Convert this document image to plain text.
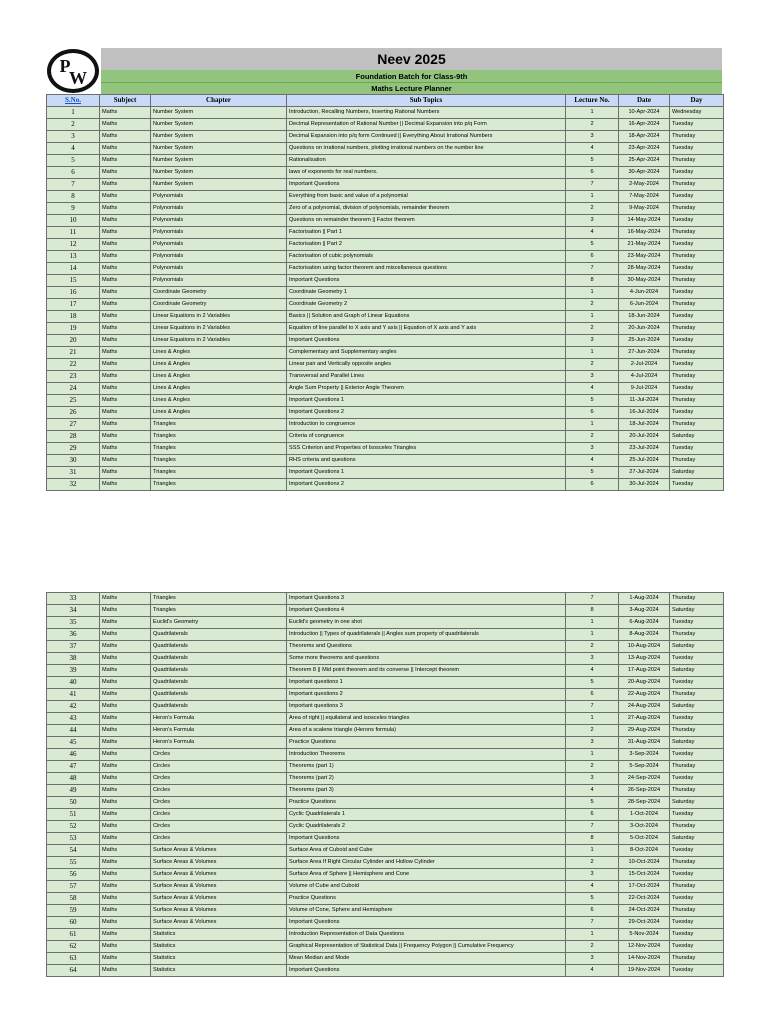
P
W
Neev 2025
Foundation Batch for Class-9th
Maths Lecture Planner
S.No.	Subject	Chapter	Sub Topics	Lecture No.	Date	Day
1	Maths	Number System	Introduction, Recalling Numbers, Inserting Rational Numbers	1	10-Apr-2024	Wednesday
2	Maths	Number System	Decimal Representation of Rational Number || Decimal Expansion into p/q Form	2	16-Apr-2024	Tuesday
3	Maths	Number System	Decimal Expansion into p/q form Continued || Everything About Irrational Numbers	3	18-Apr-2024	Thursday
4	Maths	Number System	Questions on irrational numbers, plotting irrational numbers on the number line	4	23-Apr-2024	Tuesday
5	Maths	Number System	Rationalisation	5	25-Apr-2024	Thursday
6	Maths	Number System	laws of exponents for real numbers.	6	30-Apr-2024	Tuesday
7	Maths	Number System	Important Questions	7	2-May-2024	Thursday
8	Maths	Polynomials	Everything from basic and value of a polynomial	1	7-May-2024	Tuesday
9	Maths	Polynomials	Zero of a polynomial, division of polynomials, remainder theorem	2	9-May-2024	Thursday
10	Maths	Polynomials	Questions on remainder theorem || Factor theorem	3	14-May-2024	Tuesday
11	Maths	Polynomials	Factorisation || Part 1	4	16-May-2024	Thursday
12	Maths	Polynomials	Factorisation || Part 2	5	21-May-2024	Tuesday
13	Maths	Polynomials	Factorisation of cubic polynomials	6	23-May-2024	Thursday
14	Maths	Polynomials	Factorisation using factor theorem and miscellaneous questions	7	28-May-2024	Tuesday
15	Maths	Polynomials	Important Questions	8	30-May-2024	Thursday
16	Maths	Coordinate Geometry	Coordinate Geometry 1	1	4-Jun-2024	Tuesday
17	Maths	Coordinate Geometry	Coordinate Geometry 2	2	6-Jun-2024	Thursday
18	Maths	Linear Equations in 2 Variables	Basics || Solution and Graph of Linear Equations	1	18-Jun-2024	Tuesday
19	Maths	Linear Equations in 2 Variables	Equation of line parallel to X axis and Y axis || Equation of X axis and Y axis	2	20-Jun-2024	Thursday
20	Maths	Linear Equations in 2 Variables	Important Questions	3	25-Jun-2024	Tuesday
21	Maths	Lines & Angles	Complementary and Supplementary angles	1	27-Jun-2024	Thursday
22	Maths	Lines & Angles	Linear pair and Vertically opposite angles	2	2-Jul-2024	Tuesday
23	Maths	Lines & Angles	Transversal and Parallel Lines	3	4-Jul-2024	Thursday
24	Maths	Lines & Angles	Angle Sum Property || Exterior Angle Theorem	4	9-Jul-2024	Tuesday
25	Maths	Lines & Angles	Important Questions 1	5	11-Jul-2024	Thursday
26	Maths	Lines & Angles	Important Questions 2	6	16-Jul-2024	Tuesday
27	Maths	Triangles	Introduction to congruence	1	18-Jul-2024	Thursday
28	Maths	Triangles	Criteria of congruence	2	20-Jul-2024	Saturday
29	Maths	Triangles	SSS Criterion and Properties of Isosceles Triangles	3	23-Jul-2024	Tuesday
30	Maths	Triangles	RHS criteria and questions	4	25-Jul-2024	Thursday
31	Maths	Triangles	Important Questions 1	5	27-Jul-2024	Saturday
32	Maths	Triangles	Important Questions 2	6	30-Jul-2024	Tuesday
33	Maths	Triangles	Important Questions 3	7	1-Aug-2024	Thursday
34	Maths	Triangles	Important Questions 4	8	3-Aug-2024	Saturday
35	Maths	Euclid's Geometry	Euclid's geometry in one shot	1	6-Aug-2024	Tuesday
36	Maths	Quadrilaterals	Introduction || Types of quadrilaterals || Angles sum property of quadrilaterals	1	8-Aug-2024	Thursday
37	Maths	Quadrilaterals	Theorems and Questions	2	10-Aug-2024	Saturday
38	Maths	Quadrilaterals	Some more theorems and questions	3	13-Aug-2024	Tuesday
39	Maths	Quadrilaterals	Theorem 8 || Mid point theorem and its converse || Intercept theorem	4	17-Aug-2024	Saturday
40	Maths	Quadrilaterals	Important questions 1	5	20-Aug-2024	Tuesday
41	Maths	Quadrilaterals	Important questions 2	6	22-Aug-2024	Thursday
42	Maths	Quadrilaterals	Important questions 3	7	24-Aug-2024	Saturday
43	Maths	Heron's Formula	Area of right || equilateral and isosceles triangles	1	27-Aug-2024	Tuesday
44	Maths	Heron's Formula	Area of a scalene triangle (Herons formula)	2	29-Aug-2024	Thursday
45	Maths	Heron's Formula	Practice Questions	3	31-Aug-2024	Saturday
46	Maths	Circles	Introduction Theorems	1	3-Sep-2024	Tuesday
47	Maths	Circles	Theorems (part 1)	2	5-Sep-2024	Thursday
48	Maths	Circles	Theorems (part 2)	3	24-Sep-2024	Tuesday
49	Maths	Circles	Theorems (part 3)	4	26-Sep-2024	Thursday
50	Maths	Circles	Practice Questions	5	28-Sep-2024	Saturday
51	Maths	Circles	Cyclic Quadrilaterals 1	6	1-Oct-2024	Tuesday
52	Maths	Circles	Cyclic Quadrilaterals 2	7	3-Oct-2024	Thursday
53	Maths	Circles	Important Questions	8	5-Oct-2024	Saturday
54	Maths	Surface Areas & Volumes	Surface Area of Cuboid and Cube	1	8-Oct-2024	Tuesday
55	Maths	Surface Areas & Volumes	Surface Area If Right Circular Cylinder and Hollow Cylinder	2	10-Oct-2024	Thursday
56	Maths	Surface Areas & Volumes	Surface Area of Sphere || Hemisphere and Cone	3	15-Oct-2024	Tuesday
57	Maths	Surface Areas & Volumes	Volume of Cube and Cuboid	4	17-Oct-2024	Thursday
58	Maths	Surface Areas & Volumes	Practice Questions	5	22-Oct-2024	Tuesday
59	Maths	Surface Areas & Volumes	Volume of Cone, Sphere and Hemisphere	6	24-Oct-2024	Thursday
60	Maths	Surface Areas & Volumes	Important Questions	7	29-Oct-2024	Tuesday
61	Maths	Statistics	Introduction Representation of Data Questions	1	5-Nov-2024	Tuesday
62	Maths	Statistics	Graphical Representation of Statistical Data || Frequency Polygon || Cumulative Frequency	2	12-Nov-2024	Tuesday
63	Maths	Statistics	Mean Median and Mode	3	14-Nov-2024	Thursday
64	Maths	Statistics	Important Questions	4	19-Nov-2024	Tuesday
